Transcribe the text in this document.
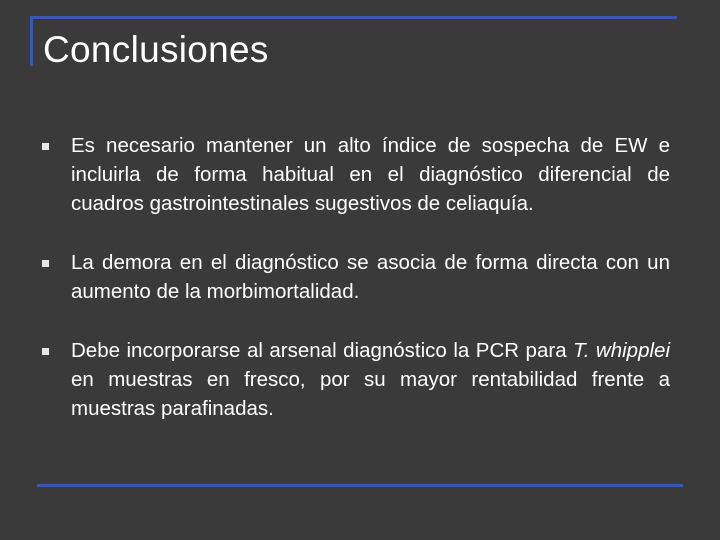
Conclusiones
Es necesario mantener un alto índice de sospecha de EW e incluirla de forma habitual en el diagnóstico diferencial de cuadros gastrointestinales sugestivos de celiaquía.
La demora en el diagnóstico se asocia de forma directa con un aumento de la morbimortalidad.
Debe incorporarse al arsenal diagnóstico la PCR para T. whipplei en muestras en fresco, por su mayor rentabilidad frente a muestras parafinadas.
